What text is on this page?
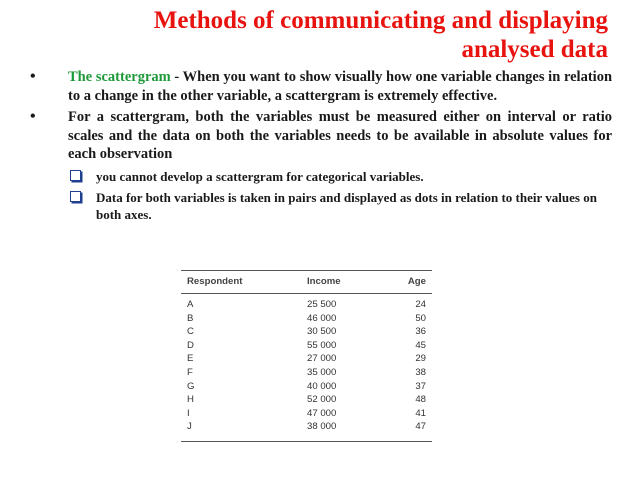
Methods of communicating and displaying
analysed data
• The scattergram - When you want to show visually how one variable changes in relation to a change in the other variable, a scattergram is extremely effective.
• For a scattergram, both the variables must be measured either on interval or ratio scales and the data on both the variables needs to be available in absolute values for each observation
you cannot develop a scattergram for categorical variables.
Data for both variables is taken in pairs and displayed as dots in relation to their values on both axes.
Respondent	Income	Age
A	25 500	24
B	46 000	50
C	30 500	36
D	55 000	45
E	27 000	29
F	35 000	38
G	40 000	37
H	52 000	48
I	47 000	41
J	38 000	47
